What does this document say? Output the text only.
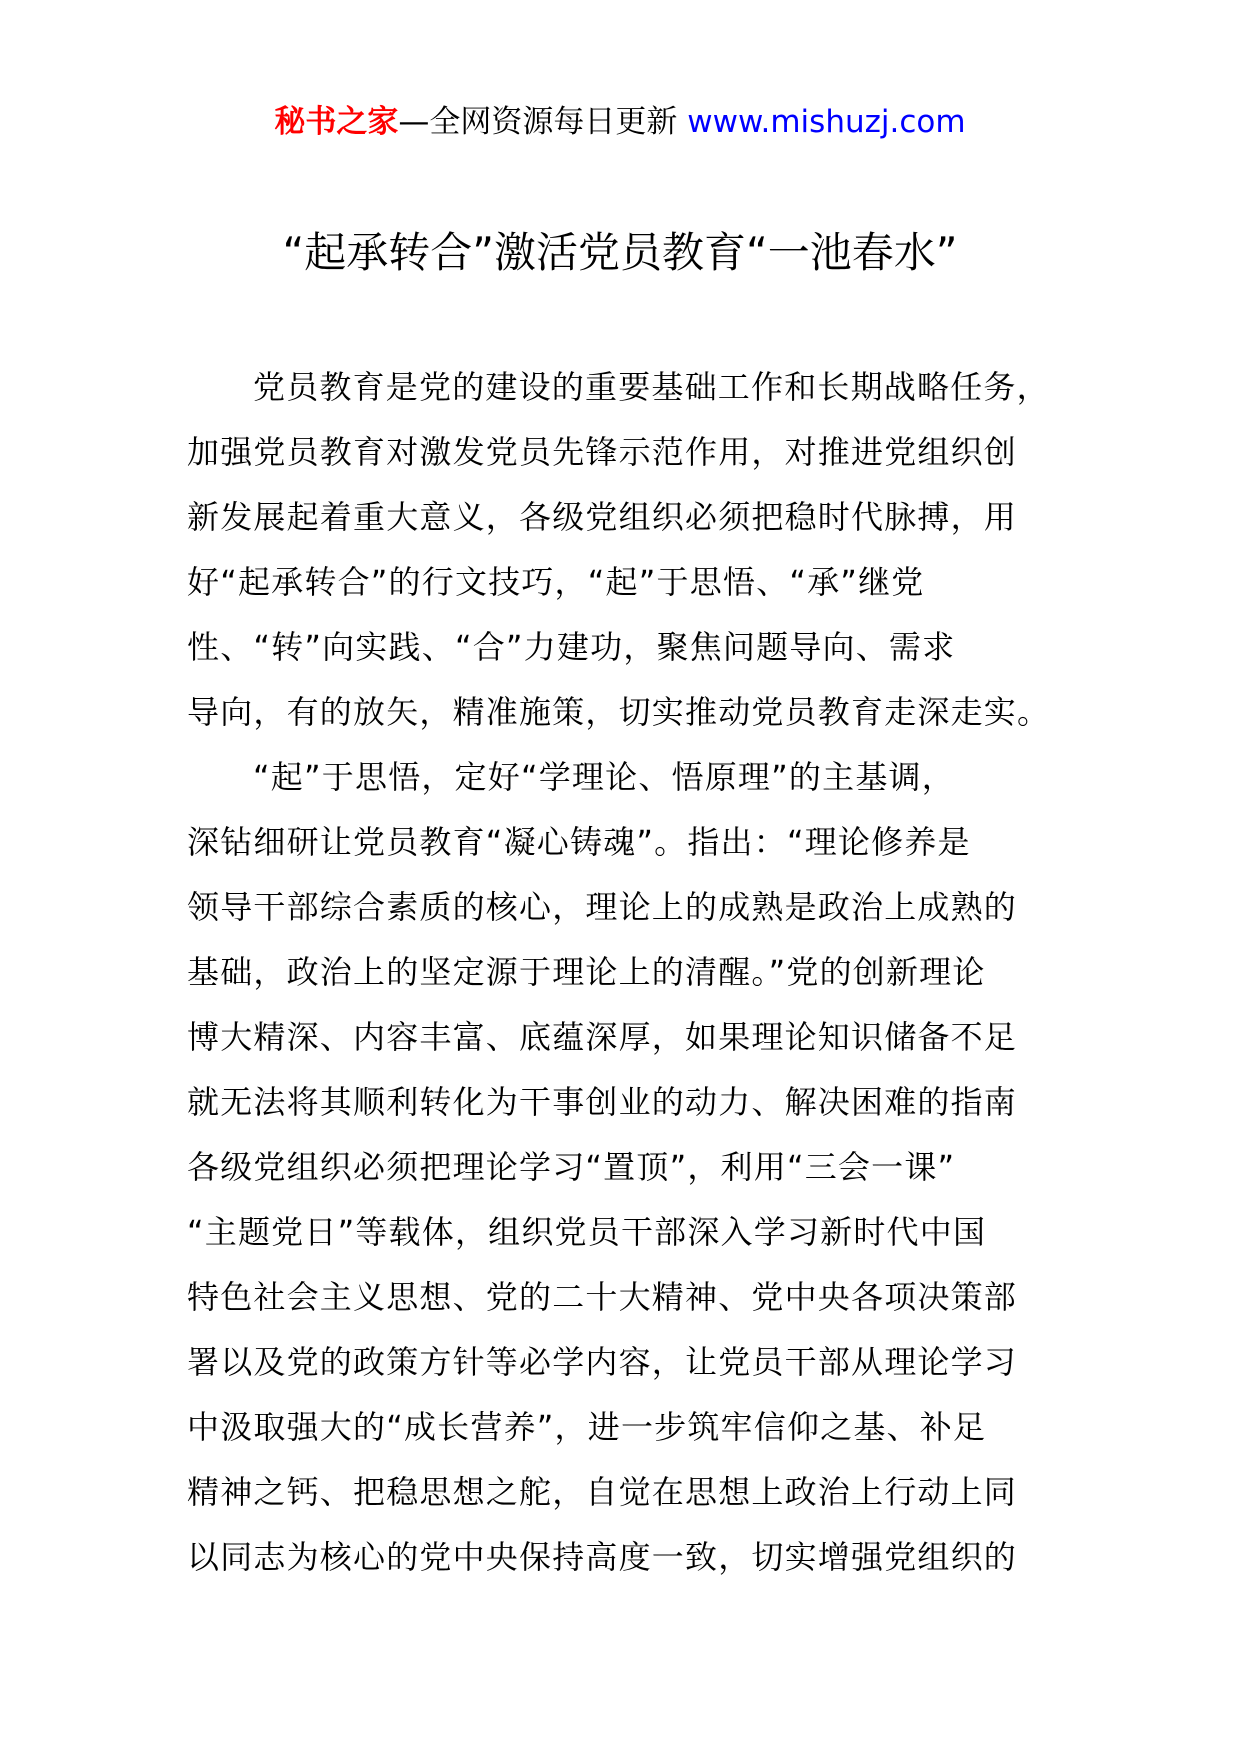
秘书之家—全网资源每日更新 www.mishuzj.com
“起承转合”激活党员教育“一池春水”
党员教育是党的建设的重要基础工作和长期战略任务，
加强党员教育对激发党员先锋示范作用，对推进党组织创
新发展起着重大意义，各级党组织必须把稳时代脉搏，用
好“起承转合”的行文技巧，“起”于思悟、“承”继党
性、“转”向实践、“合”力建功，聚焦问题导向、需求
导向，有的放矢，精准施策，切实推动党员教育走深走实。
“起”于思悟，定好“学理论、悟原理”的主基调，
深钻细研让党员教育“凝心铸魂”。指出：“理论修养是
领导干部综合素质的核心，理论上的成熟是政治上成熟的
基础，政治上的坚定源于理论上的清醒。”党的创新理论
博大精深、内容丰富、底蕴深厚，如果理论知识储备不足
就无法将其顺利转化为干事创业的动力、解决困难的指南
各级党组织必须把理论学习“置顶”，利用“三会一课”
“主题党日”等载体，组织党员干部深入学习新时代中国
特色社会主义思想、党的二十大精神、党中央各项决策部
署以及党的政策方针等必学内容，让党员干部从理论学习
中汲取强大的“成长营养”，进一步筑牢信仰之基、补足
精神之钙、把稳思想之舵，自觉在思想上政治上行动上同
以同志为核心的党中央保持高度一致，切实增强党组织的
